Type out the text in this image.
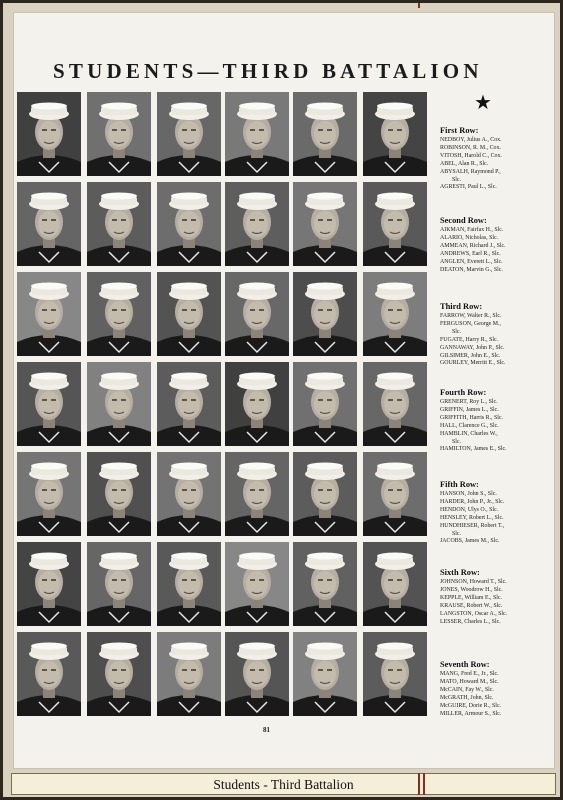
STUDENTS—THIRD BATTALION
★
First Row:
NEDBOY, Julius A., Cox.
ROBINSON, R. M., Cox.
VITOSH, Harold C., Cox.
ABEL, Alan R., Slс.
ABYSALH, Raymond P.,
Slc.
AGRESTI, Paul L., Slc.
Second Row:
AIKMAN, Fairfax H., Slc.
ALARIO, Nicholas, Slc.
AMMEAN, Richard J., Slc.
ANDREWS, Earl R., Slc.
ANGLEN, Everett L., Slc.
DEATON, Marvin G., Slc.
Third Row:
FARROW, Walter R., Slc.
FERGUSON, George M.,
Slc.
FUGATE, Harry R., Slc.
GANNAWAY, John P., Slc.
GILSIMER, John E., Slc.
GOURLEY, Merritt E., Slc.
Fourth Row:
GRENERT, Roy L., Slc.
GRIFFIN, James L., Slc.
GRIFFITH, Harris R., Slc.
HALL, Clarence G., Slc.
HAMBLIN, Charles W.,
Slc.
HAMILTON, James E., Slc.
Fifth Row:
HANSON, John S., Slc.
HARDER, John P., Jr., Slc.
HENDON, Ulys O., Slc.
HENSLEY, Robert L., Slc.
HUNDHIESER, Robert T.,
Slc.
JACOBS, James M., Slc.
Sixth Row:
JOHNSON, Howard T., Slc.
JONES, Woodrow H., Slc.
KEPPLE, William E., Slc.
KRAUSE, Robert W., Slc.
LANGSTON, Oscar A., Slc.
LESSER, Charles L., Slc.
Seventh Row:
MANG, Fred E., Jr., Slc.
MATO, Howard M., Slc.
McCAIN, Fay W., Slc.
McGRATH, John, Slc.
McGUIRE, Dorie R., Slc.
MILLER, Armour S., Slc.
81
Students - Third Battalion
